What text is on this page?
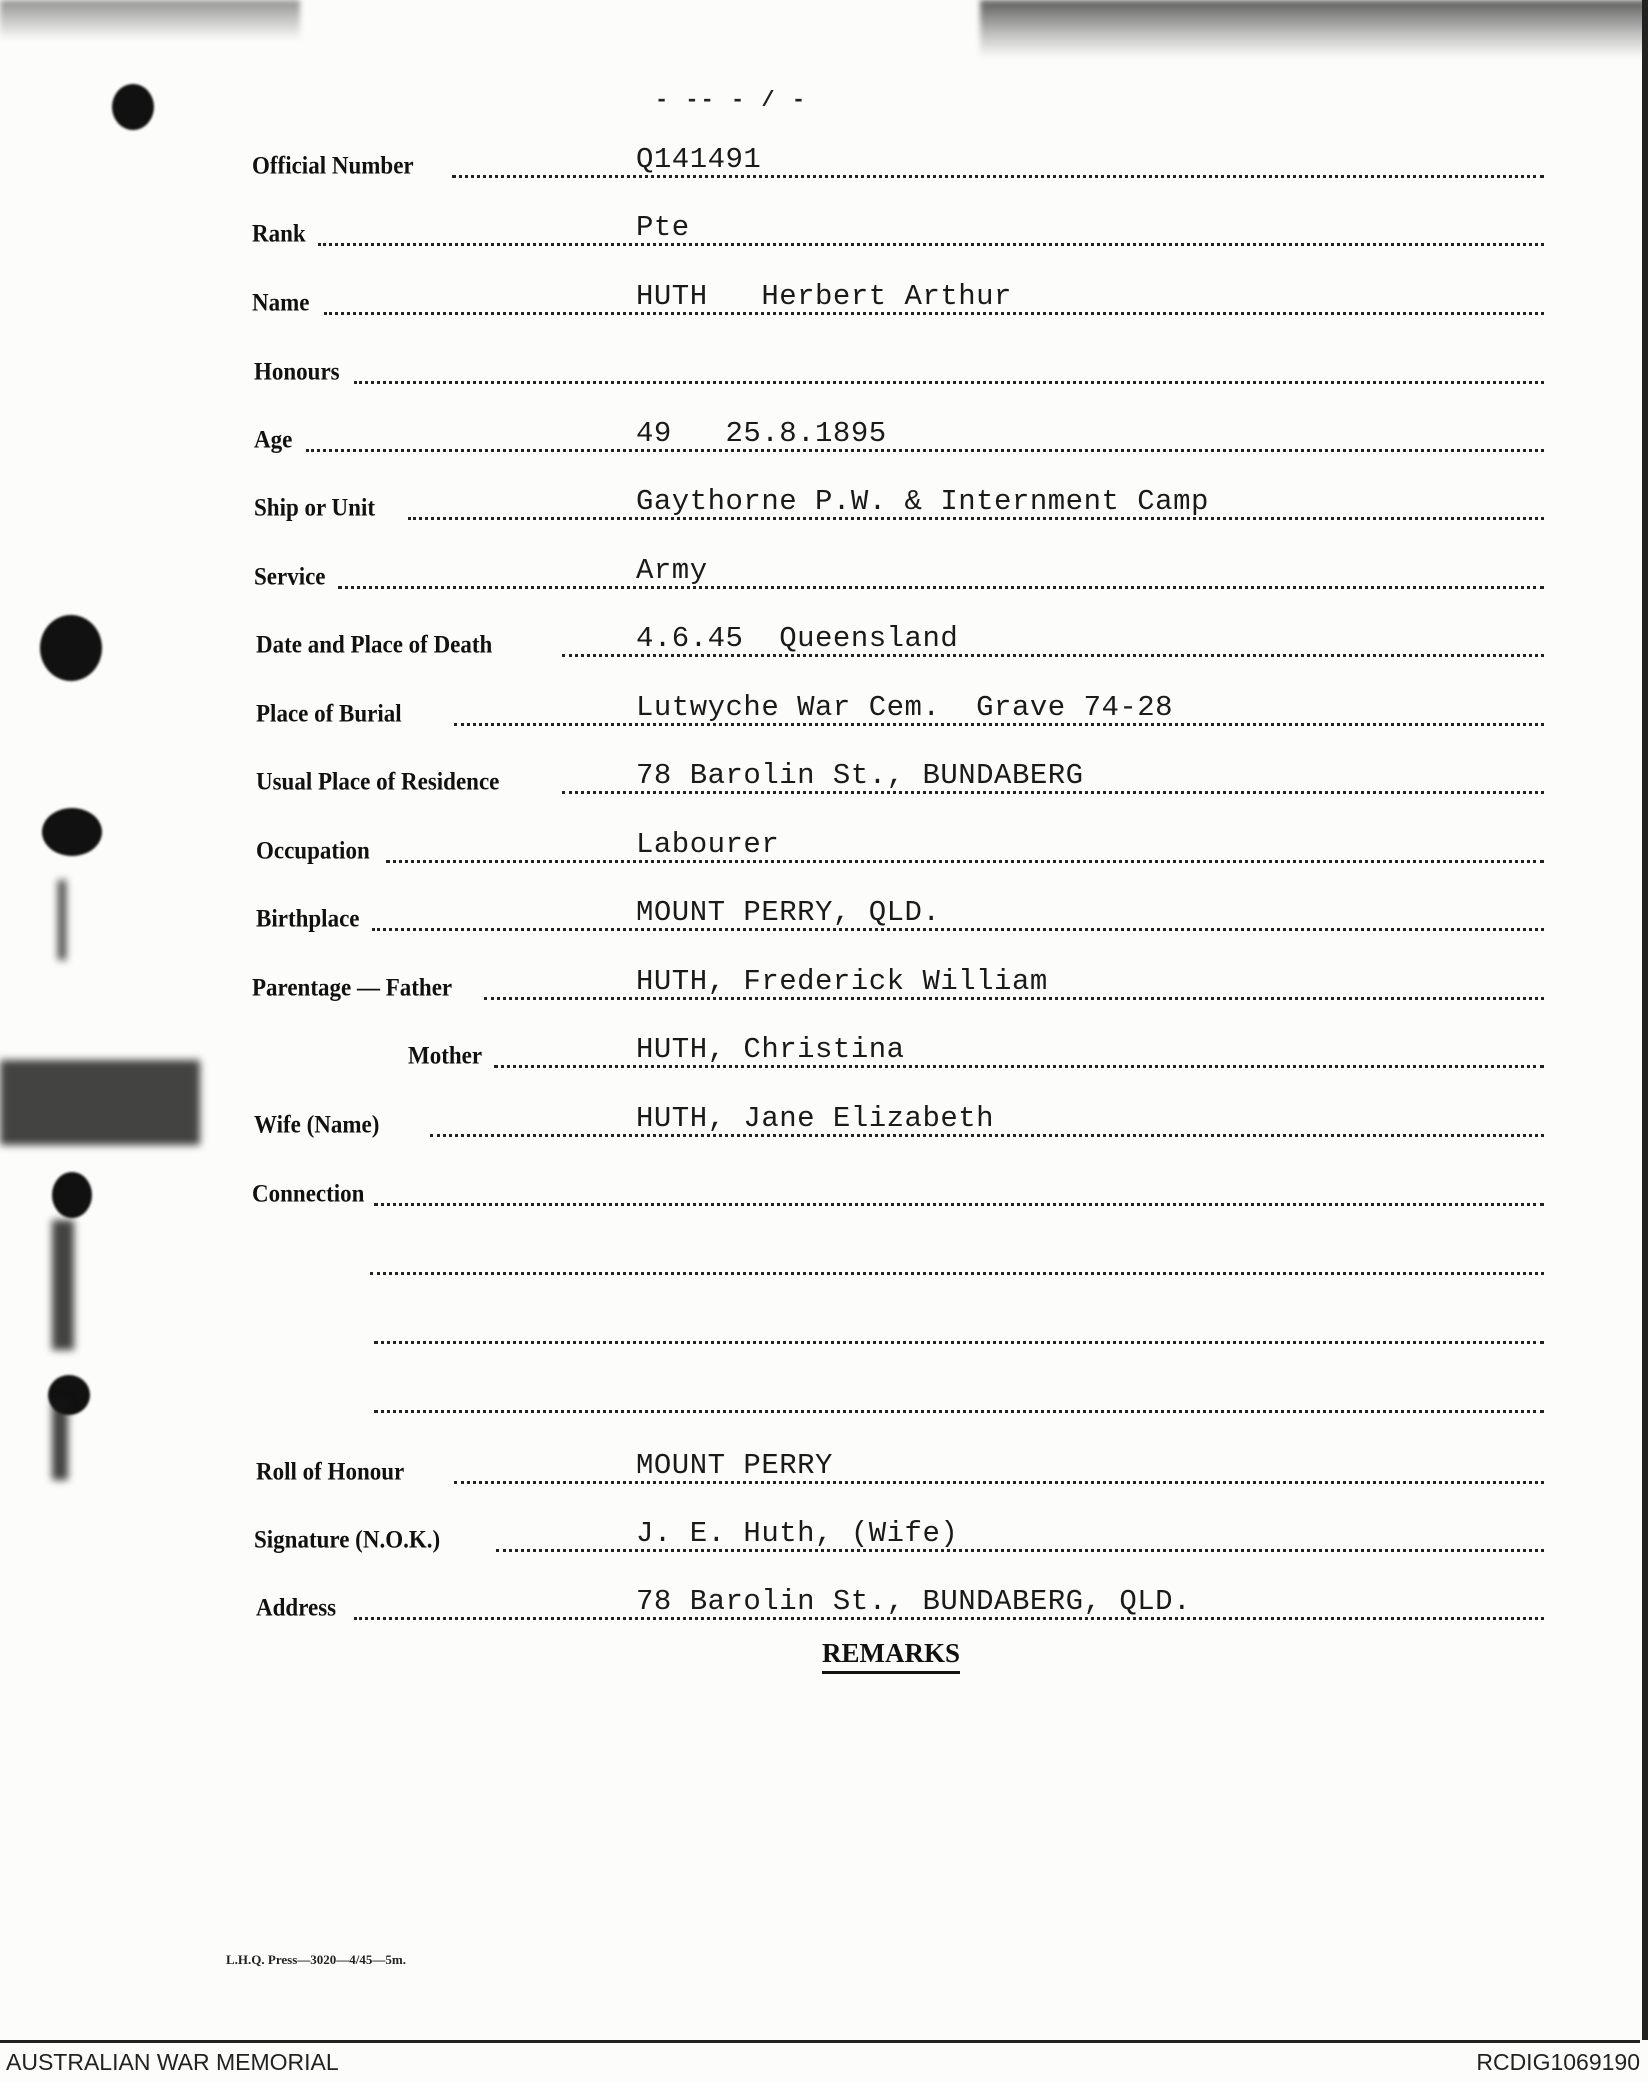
- -- - / -
Official Number	Q141491
Rank	Pte
Name	HUTH   Herbert Arthur
Honours
Age	49   25.8.1895
Ship or Unit	Gaythorne P.W. & Internment Camp
Service	Army
Date and Place of Death	4.6.45  Queensland
Place of Burial	Lutwyche War Cem.  Grave 74-28
Usual Place of Residence	78 Barolin St., BUNDABERG
Occupation	Labourer
Birthplace	MOUNT PERRY, QLD.
Parentage — Father	HUTH, Frederick William
Mother	HUTH, Christina
Wife (Name)	HUTH, Jane Elizabeth
Connection
Roll of Honour	MOUNT PERRY
Signature (N.O.K.)	J. E. Huth, (Wife)
Address	78 Barolin St., BUNDABERG, QLD.
REMARKS
L.H.Q. Press—3020—4/45—5m.
AUSTRALIAN WAR MEMORIAL	RCDIG1069190
